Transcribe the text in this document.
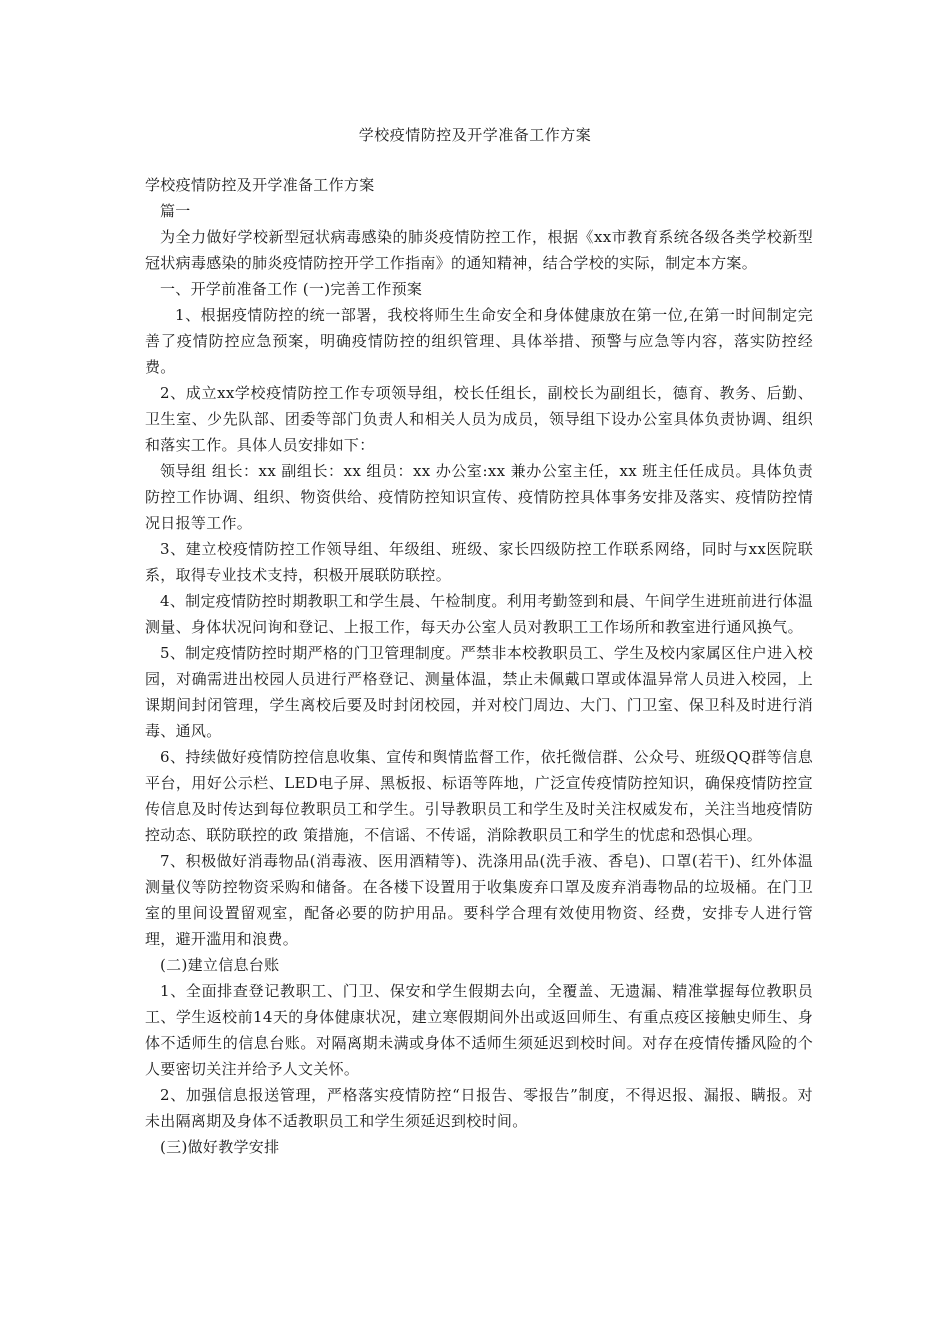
学校疫情防控及开学准备工作方案

学校疫情防控及开学准备工作方案

篇一

为全力做好学校新型冠状病毒感染的肺炎疫情防控工作，根据《xx市教育系统各级各类学校新型冠状病毒感染的肺炎疫情防控开学工作指南》的通知精神，结合学校的实际，制定本方案。

一、开学前准备工作 (一)完善工作预案

1、根据疫情防控的统一部署，我校将师生生命安全和身体健康放在第一位,在第一时间制定完善了疫情防控应急预案，明确疫情防控的组织管理、具体举措、预警与应急等内容，落实防控经费。

2、成立xx学校疫情防控工作专项领导组，校长任组长，副校长为副组长，德育、教务、后勤、卫生室、少先队部、团委等部门负责人和相关人员为成员，领导组下设办公室具体负责协调、组织和落实工作。具体人员安排如下：

领导组 组长：xx 副组长：xx 组员：xx 办公室:xx 兼办公室主任，xx 班主任任成员。具体负责防控工作协调、组织、物资供给、疫情防控知识宣传、疫情防控具体事务安排及落实、疫情防控情况日报等工作。

3、建立校疫情防控工作领导组、年级组、班级、家长四级防控工作联系网络，同时与xx医院联系，取得专业技术支持，积极开展联防联控。

4、制定疫情防控时期教职工和学生晨、午检制度。利用考勤签到和晨、午间学生进班前进行体温测量、身体状况问询和登记、上报工作，每天办公室人员对教职工工作场所和教室进行通风换气。

5、制定疫情防控时期严格的门卫管理制度。严禁非本校教职员工、学生及校内家属区住户进入校园，对确需进出校园人员进行严格登记、测量体温，禁止未佩戴口罩或体温异常人员进入校园，上课期间封闭管理，学生离校后要及时封闭校园，并对校门周边、大门、门卫室、保卫科及时进行消毒、通风。

6、持续做好疫情防控信息收集、宣传和舆情监督工作，依托微信群、公众号、班级QQ群等信息平台，用好公示栏、LED电子屏、黑板报、标语等阵地，广泛宣传疫情防控知识，确保疫情防控宣传信息及时传达到每位教职员工和学生。引导教职员工和学生及时关注权威发布，关注当地疫情防控动态、联防联控的政 策措施，不信谣、不传谣，消除教职员工和学生的忧虑和恐惧心理。

7、积极做好消毒物品(消毒液、医用酒精等)、洗涤用品(洗手液、香皂)、口罩(若干)、红外体温测量仪等防控物资采购和储备。在各楼下设置用于收集废弃口罩及废弃消毒物品的垃圾桶。在门卫室的里间设置留观室，配备必要的防护用品。要科学合理有效使用物资、经费，安排专人进行管理，避开滥用和浪费。

(二)建立信息台账

1、全面排查登记教职工、门卫、保安和学生假期去向，全覆盖、无遗漏、精准掌握每位教职员工、学生返校前14天的身体健康状况，建立寒假期间外出或返回师生、有重点疫区接触史师生、身体不适师生的信息台账。对隔离期未满或身体不适师生须延迟到校时间。对存在疫情传播风险的个人要密切关注并给予人文关怀。

2、加强信息报送管理，严格落实疫情防控“日报告、零报告”制度，不得迟报、漏报、瞒报。对未出隔离期及身体不适教职员工和学生须延迟到校时间。

(三)做好教学安排
